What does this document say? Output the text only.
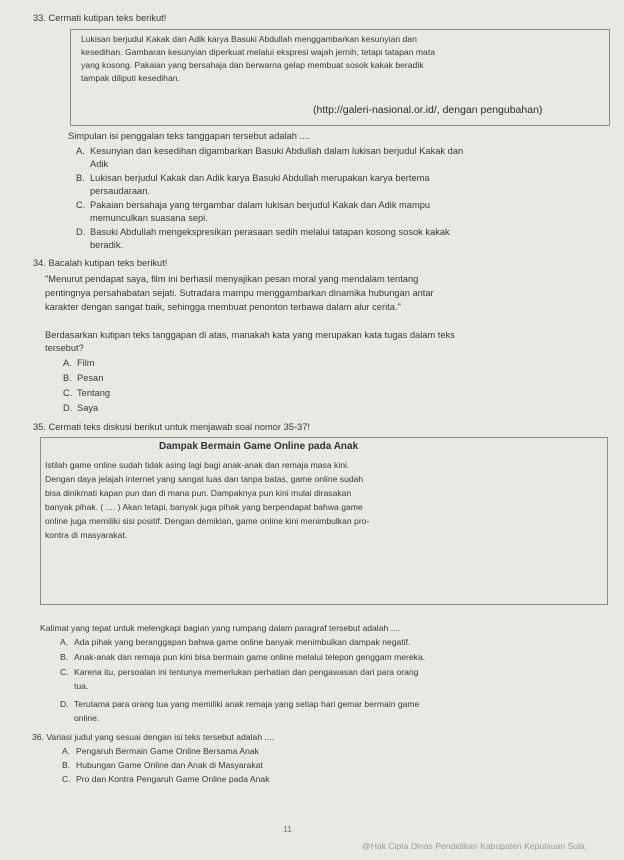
33. Cermati kutipan teks berikut!
Lukisan berjudul Kakak dan Adik karya Basuki Abdullah menggambarkan kesunyian dan
kesedihan. Gambaran kesunyian diperkuat melalui ekspresi wajah jernih, tetapi tatapan mata
yang kosong. Pakaian yang bersahaja dan berwarna gelap membuat sosok kakak beradik
tampak diliputi kesedihan.
(http://galeri-nasional.or.id/, dengan pengubahan)
Simpulan isi penggalan teks tanggapan tersebut adalah ....
A. Kesunyian dan kesedihan digambarkan Basuki Abdullah dalam lukisan berjudul Kakak dan
Adik
B. Lukisan berjudul Kakak dan Adik karya Basuki Abdullah merupakan karya bertema
persaudaraan.
C. Pakaian bersahaja yang tergambar dalam lukisan berjudul Kakak dan Adik mampu
memunculkan suasana sepi.
D. Basuki Abdullah mengekspresikan perasaan sedih melalui tatapan kosong sosok kakak
beradik.
34. Bacalah kutipan teks berikut!
"Menurut pendapat saya, film ini berhasil menyajikan pesan moral yang mendalam tentang
pentingnya persahabatan sejati. Sutradara mampu menggambarkan dinamika hubungan antar
karakter dengan sangat baik, sehingga membuat penonton terbawa dalam alur cerita."
Berdasarkan kutipan teks tanggapan di atas, manakah kata yang merupakan kata tugas dalam teks
tersebut?
A. Film
B. Pesan
C. Tentang
D. Saya
35. Cermati teks diskusi berikut untuk menjawab soal nomor 35-37!
Dampak Bermain Game Online pada Anak
Istilah game online sudah tidak asing lagi bagi anak-anak dan remaja masa kini.
Dengan daya jelajah internet yang sangat luas dan tanpa batas, game online sudah
bisa dinikmati kapan pun dan di mana pun. Dampaknya pun kini mulai dirasakan
banyak pihak. ( .... ) Akan tetapi, banyak juga pihak yang berpendapat bahwa game
online juga memiliki sisi positif. Dengan demikian, game online kini menimbulkan pro-
kontra di masyarakat.
Kalimat yang tepat untuk melengkapi bagian yang rumpang dalam paragraf tersebut adalah ....
A. Ada pihak yang beranggapan bahwa game online banyak menimbulkan dampak negatif.
B. Anak-anak dan remaja pun kini bisa bermain game online melalui telepon genggam mereka.
C. Karena itu, persoalan ini tentunya memerlukan perhatian dan pengawasan dari para orang
tua.
D. Terutama para orang tua yang memiliki anak remaja yang setiap hari gemar bermain game
online.
36. Variasi judul yang sesuai dengan isi teks tersebut adalah ....
A. Pengaruh Bermain Game Online Bersama Anak
B. Hubungan Game Online dan Anak di Masyarakat
C. Pro dan Kontra Pengaruh Game Online pada Anak
11
@Hak Cipta Dinas Pendidikan Kabupaten Kepulauan Sula
